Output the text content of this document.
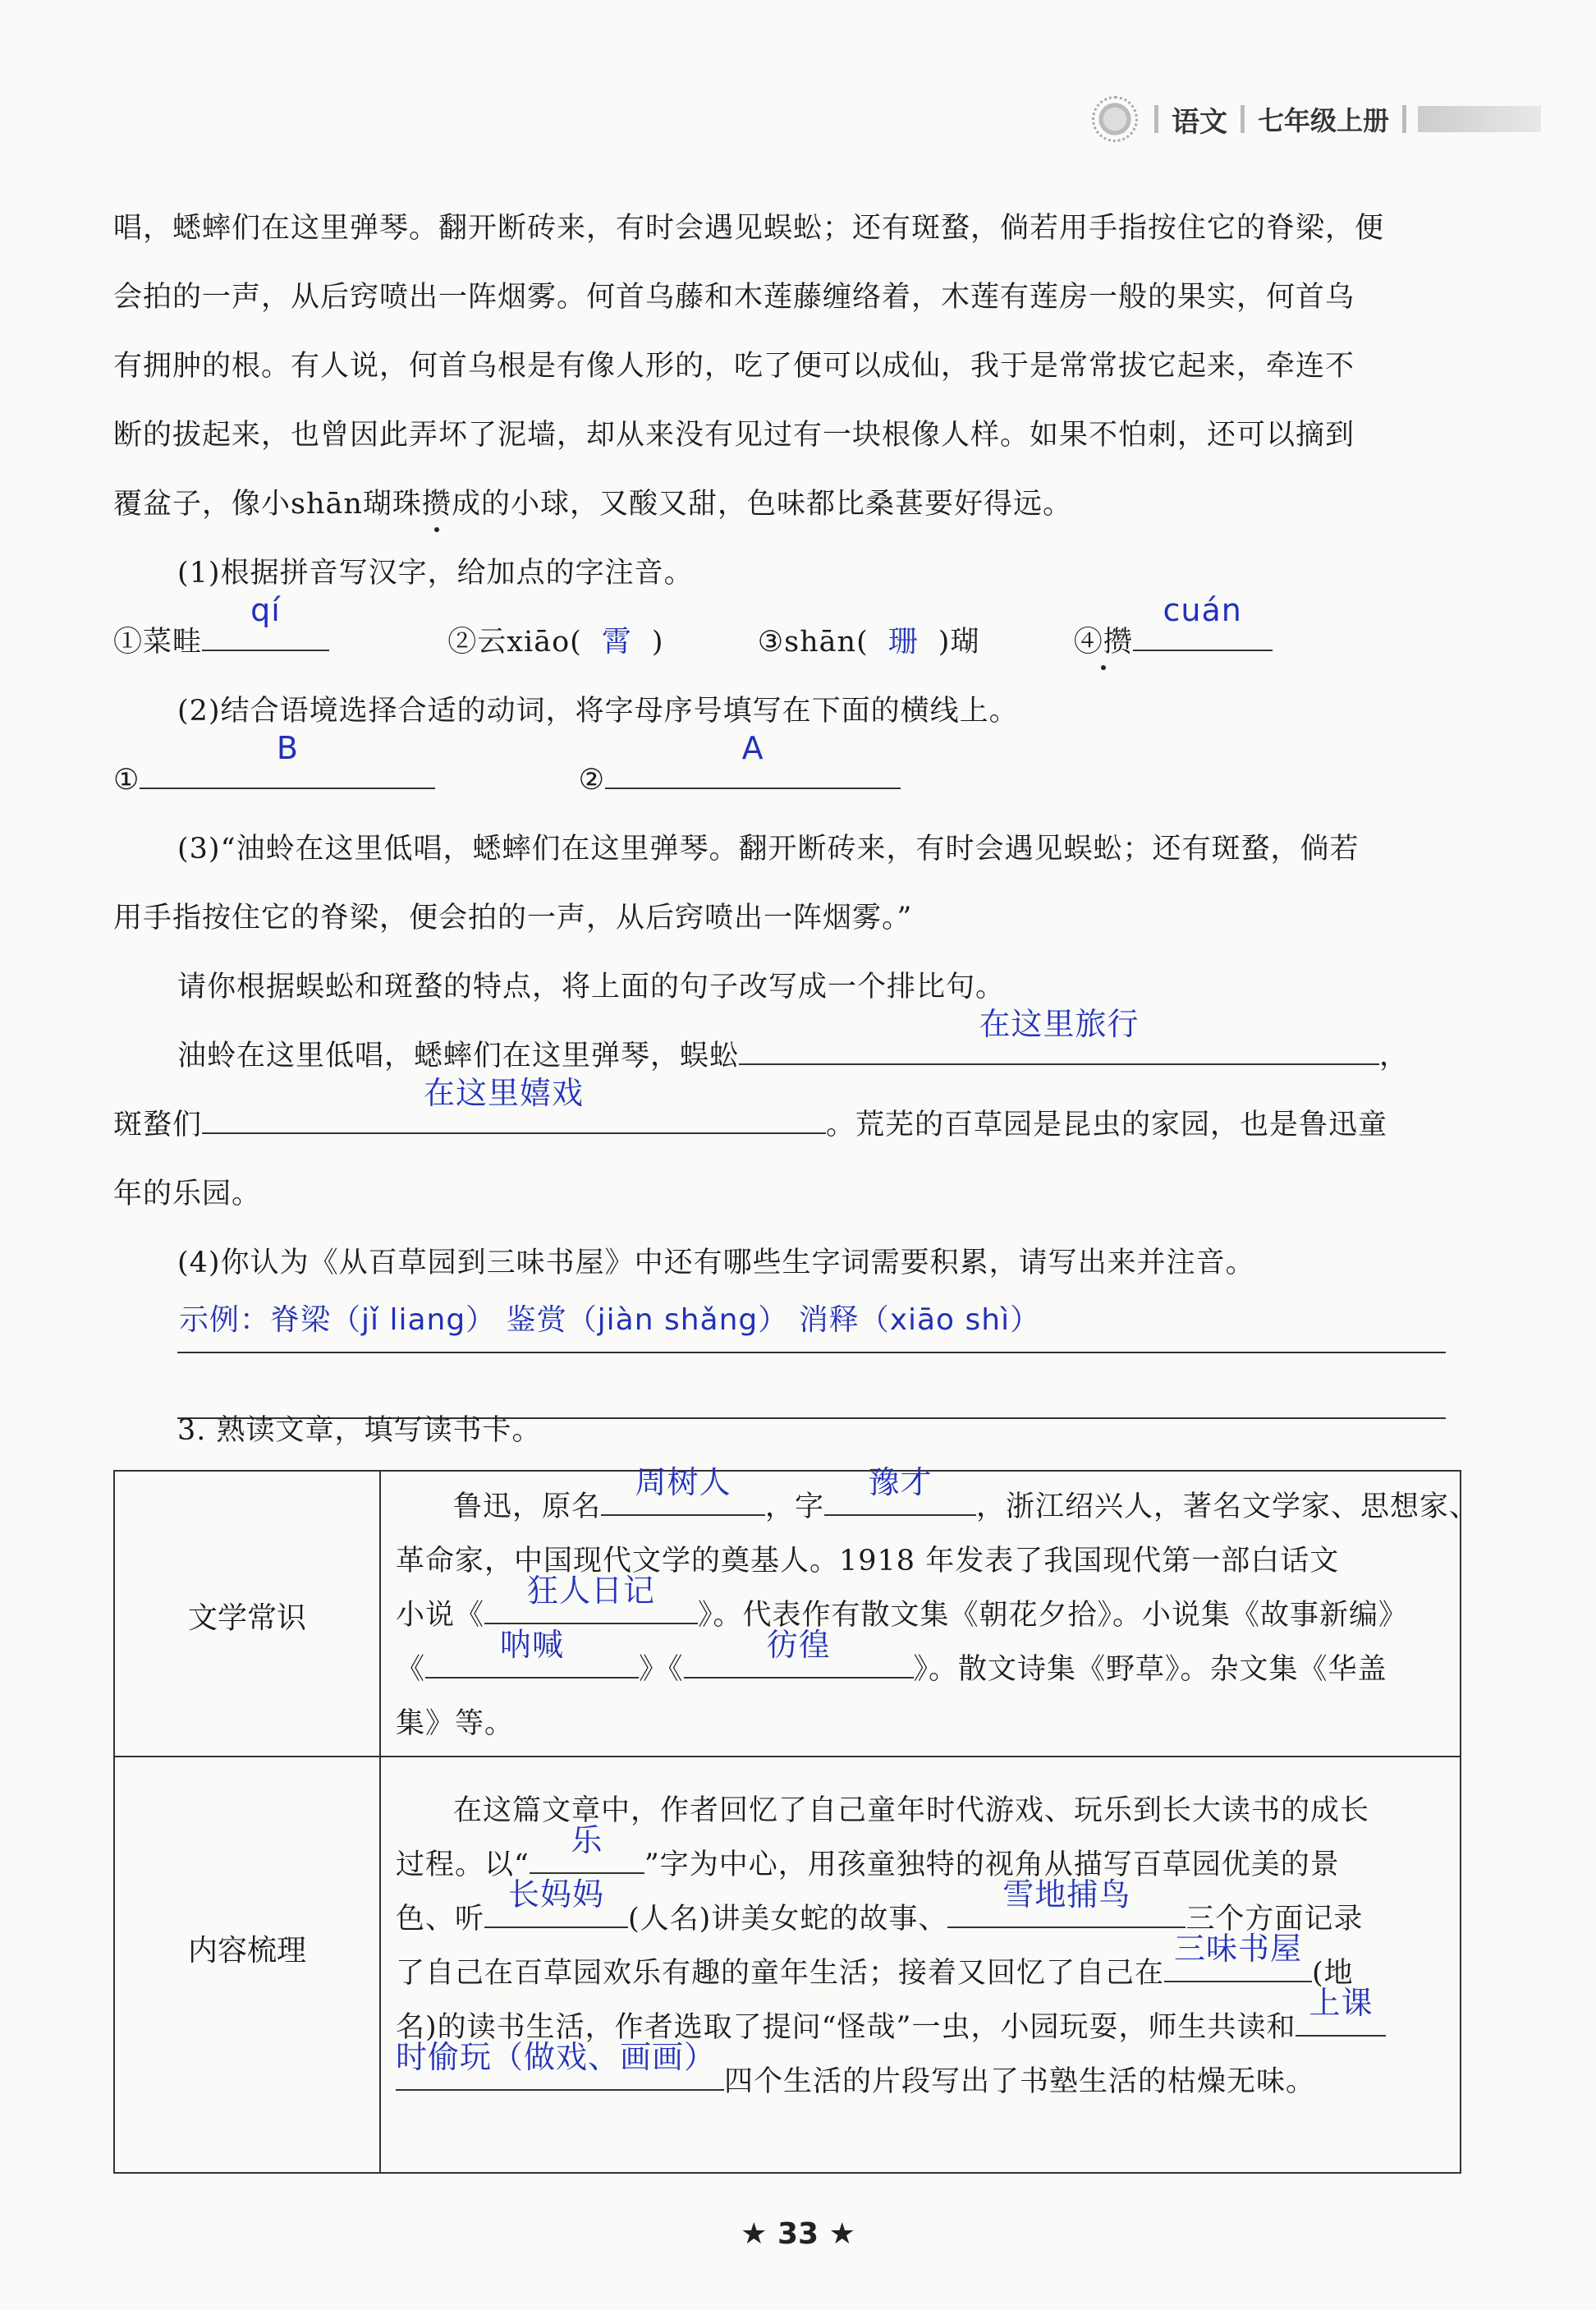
语文 七年级上册
唱，蟋蟀们在这里弹琴。翻开断砖来，有时会遇见蜈蚣；还有斑蝥，倘若用手指按住它的脊梁，便
会拍的一声，从后窍喷出一阵烟雾。何首乌藤和木莲藤缠络着，木莲有莲房一般的果实，何首乌
有拥肿的根。有人说，何首乌根是有像人形的，吃了便可以成仙，我于是常常拔它起来，牵连不
断的拔起来，也曾因此弄坏了泥墙，却从来没有见过有一块根像人样。如果不怕刺，还可以摘到
覆盆子，像小shān瑚珠攒成的小球，又酸又甜，色味都比桑葚要好得远。
(1)根据拼音写汉字，给加点的字注音。
①菜畦
qí
②云xiāo( 霄 )	③shān( 珊 )瑚	④攒
cuán
(2)结合语境选择合适的动词，将字母序号填写在下面的横线上。
①
B
②
A
(3)“油蛉在这里低唱，蟋蟀们在这里弹琴。翻开断砖来，有时会遇见蜈蚣；还有斑蝥，倘若
用手指按住它的脊梁，便会拍的一声，从后窍喷出一阵烟雾。”
请你根据蜈蚣和斑蝥的特点，将上面的句子改写成一个排比句。
油蛉在这里低唱，蟋蟀们在这里弹琴，蜈蚣
在这里旅行
，
斑蝥们
在这里嬉戏
。荒芜的百草园是昆虫的家园，也是鲁迅童
年的乐园。
(4)你认为《从百草园到三味书屋》中还有哪些生字词需要积累，请写出来并注音。
示例：脊梁（jǐ liang） 鉴赏（jiàn shǎng） 消释（xiāo shì）
3. 熟读文章，填写读书卡。
文学常识
鲁迅，原名
周树人
，字
豫才
，浙江绍兴人，著名文学家、思想家、
革命家，中国现代文学的奠基人。1918 年发表了我国现代第一部白话文
小说《
狂人日记
》。代表作有散文集《朝花夕拾》。小说集《故事新编》
《
呐喊
》《
彷徨
》。散文诗集《野草》。杂文集《华盖
集》等。
内容梳理
在这篇文章中，作者回忆了自己童年时代游戏、玩乐到长大读书的成长
过程。以“
乐
”字为中心，用孩童独特的视角从描写百草园优美的景
色、听
长妈妈
(人名)讲美女蛇的故事、
雪地捕鸟
三个方面记录
了自己在百草园欢乐有趣的童年生活；接着又回忆了自己在
三味书屋
(地
名)的读书生活，作者选取了提问“怪哉”一虫，小园玩耍，师生共读和
上课
时偷玩（做戏、画画）
四个生活的片段写出了书塾生活的枯燥无味。
★ 33 ★
